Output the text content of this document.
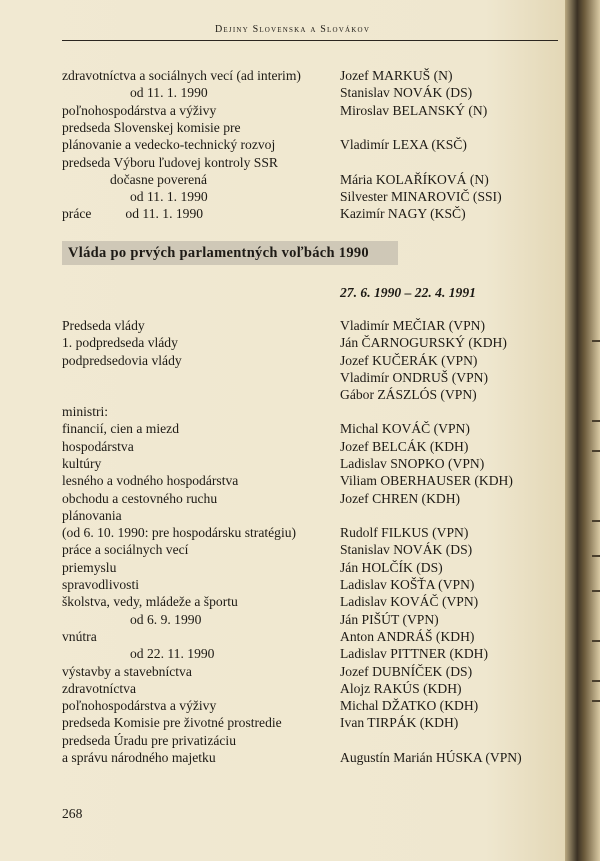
Dejiny Slovenska a Slovákov
zdravotníctva a sociálnych vecí (ad interim)	Jozef MARKUŠ (N)
od 11. 1. 1990	Stanislav NOVÁK (DS)
poľnohospodárstva a výživy	Miroslav BELANSKÝ (N)
predseda Slovenskej komisie pre
plánovanie a vedecko-technický rozvoj	Vladimír LEXA (KSČ)
predseda Výboru ľudovej kontroly SSR
dočasne poverená	Mária KOLAŘÍKOVÁ (N)
od 11. 1. 1990	Silvester MINAROVIČ (SSI)
práce          od 11. 1. 1990	Kazimír NAGY (KSČ)
Vláda po prvých parlamentných voľbách 1990
27. 6. 1990 – 22. 4. 1991
Predseda vlády	Vladimír MEČIAR (VPN)
1. podpredseda vlády	Ján ČARNOGURSKÝ (KDH)
podpredsedovia vlády	Jozef KUČERÁK (VPN)
Vladimír ONDRUŠ (VPN)
Gábor ZÁSZLÓS (VPN)
ministri:
financií, cien a miezd	Michal KOVÁČ (VPN)
hospodárstva	Jozef BELCÁK (KDH)
kultúry	Ladislav SNOPKO (VPN)
lesného a vodného hospodárstva	Viliam OBERHAUSER (KDH)
obchodu a cestovného ruchu	Jozef CHREN (KDH)
plánovania
(od 6. 10. 1990: pre hospodársku stratégiu)	Rudolf FILKUS (VPN)
práce a sociálnych vecí	Stanislav NOVÁK (DS)
priemyslu	Ján HOLČÍK (DS)
spravodlivosti	Ladislav KOŠŤA (VPN)
školstva, vedy, mládeže a športu	Ladislav KOVÁČ (VPN)
od 6. 9. 1990	Ján PIŠÚT (VPN)
vnútra	Anton ANDRÁŠ (KDH)
od 22. 11. 1990	Ladislav PITTNER (KDH)
výstavby a stavebníctva	Jozef DUBNÍČEK (DS)
zdravotníctva	Alojz RAKÚS (KDH)
poľnohospodárstva a výživy	Michal DŽATKO (KDH)
predseda Komisie pre životné prostredie	Ivan TIRPÁK (KDH)
predseda Úradu pre privatizáciu
a správu národného majetku	Augustín Marián HÚSKA (VPN)
268
